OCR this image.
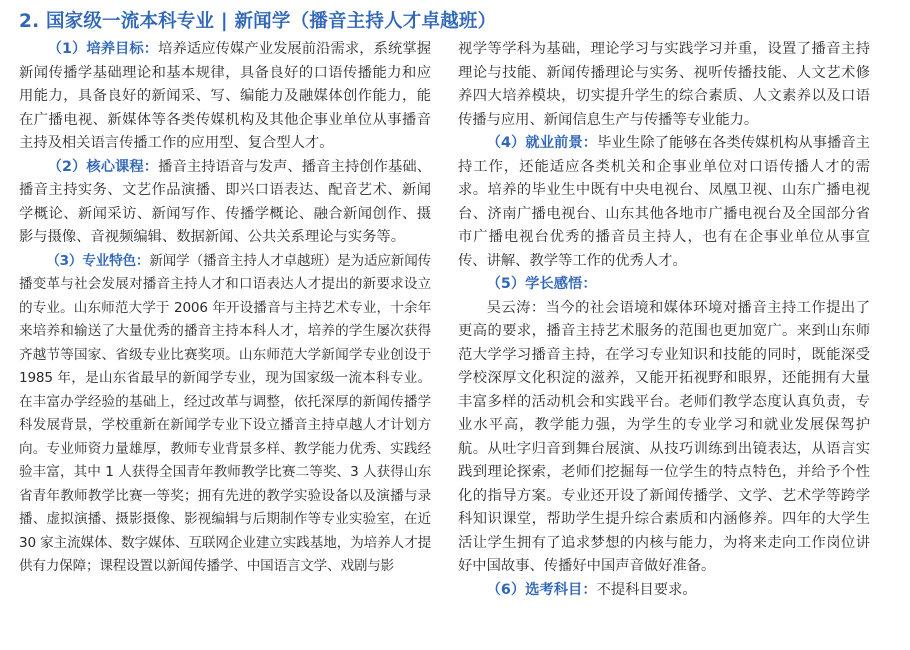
2. 国家级一流本科专业 | 新闻学（播音主持人才卓越班）

（1）培养目标：培养适应传媒产业发展前沿需求，系统掌握新闻传播学基础理论和基本规律，具备良好的口语传播能力和应用能力，具备良好的新闻采、写、编能力及融媒体创作能力，能在广播电视、新媒体等各类传媒机构及其他企事业单位从事播音主持及相关语言传播工作的应用型、复合型人才。

（2）核心课程：播音主持语音与发声、播音主持创作基础、播音主持实务、文艺作品演播、即兴口语表达、配音艺术、新闻学概论、新闻采访、新闻写作、传播学概论、融合新闻创作、摄影与摄像、音视频编辑、数据新闻、公共关系理论与实务等。

（3）专业特色：新闻学（播音主持人才卓越班）是为适应新闻传播变革与社会发展对播音主持人才和口语表达人才提出的新要求设立的专业。山东师范大学于 2006 年开设播音与主持艺术专业，十余年来培养和输送了大量优秀的播音主持本科人才，培养的学生屡次获得齐越节等国家、省级专业比赛奖项。山东师范大学新闻学专业创设于 1985 年，是山东省最早的新闻学专业，现为国家级一流本科专业。在丰富办学经验的基础上，经过改革与调整，依托深厚的新闻传播学科发展背景，学校重新在新闻学专业下设立播音主持卓越人才计划方向。专业师资力量雄厚，教师专业背景多样、教学能力优秀、实践经验丰富，其中 1 人获得全国青年教师教学比赛二等奖、3 人获得山东省青年教师教学比赛一等奖；拥有先进的教学实验设备以及演播与录播、虚拟演播、摄影摄像、影视编辑与后期制作等专业实验室，在近 30 家主流媒体、数字媒体、互联网企业建立实践基地，为培养人才提供有力保障；课程设置以新闻传播学、中国语言文学、戏剧与影

视学等学科为基础，理论学习与实践学习并重，设置了播音主持理论与技能、新闻传播理论与实务、视听传播技能、人文艺术修养四大培养模块，切实提升学生的综合素质、人文素养以及口语传播与应用、新闻信息生产与传播等专业能力。

（4）就业前景：毕业生除了能够在各类传媒机构从事播音主持工作，还能适应各类机关和企事业单位对口语传播人才的需求。培养的毕业生中既有中央电视台、凤凰卫视、山东广播电视台、济南广播电视台、山东其他各地市广播电视台及全国部分省市广播电视台优秀的播音员主持人，也有在企事业单位从事宣传、讲解、教学等工作的优秀人才。

（5）学长感悟：

吴云涛：当今的社会语境和媒体环境对播音主持工作提出了更高的要求，播音主持艺术服务的范围也更加宽广。来到山东师范大学学习播音主持，在学习专业知识和技能的同时，既能深受学校深厚文化积淀的滋养，又能开拓视野和眼界，还能拥有大量丰富多样的活动机会和实践平台。老师们教学态度认真负责，专业水平高，教学能力强，为学生的专业学习和就业发展保驾护航。从吐字归音到舞台展演、从技巧训练到出镜表达，从语言实践到理论探索，老师们挖掘每一位学生的特点特色，并给予个性化的指导方案。专业还开设了新闻传播学、文学、艺术学等跨学科知识课堂，帮助学生提升综合素质和内涵修养。四年的大学生活让学生拥有了追求梦想的内核与能力，为将来走向工作岗位讲好中国故事、传播好中国声音做好准备。

（6）选考科目：不提科目要求。
